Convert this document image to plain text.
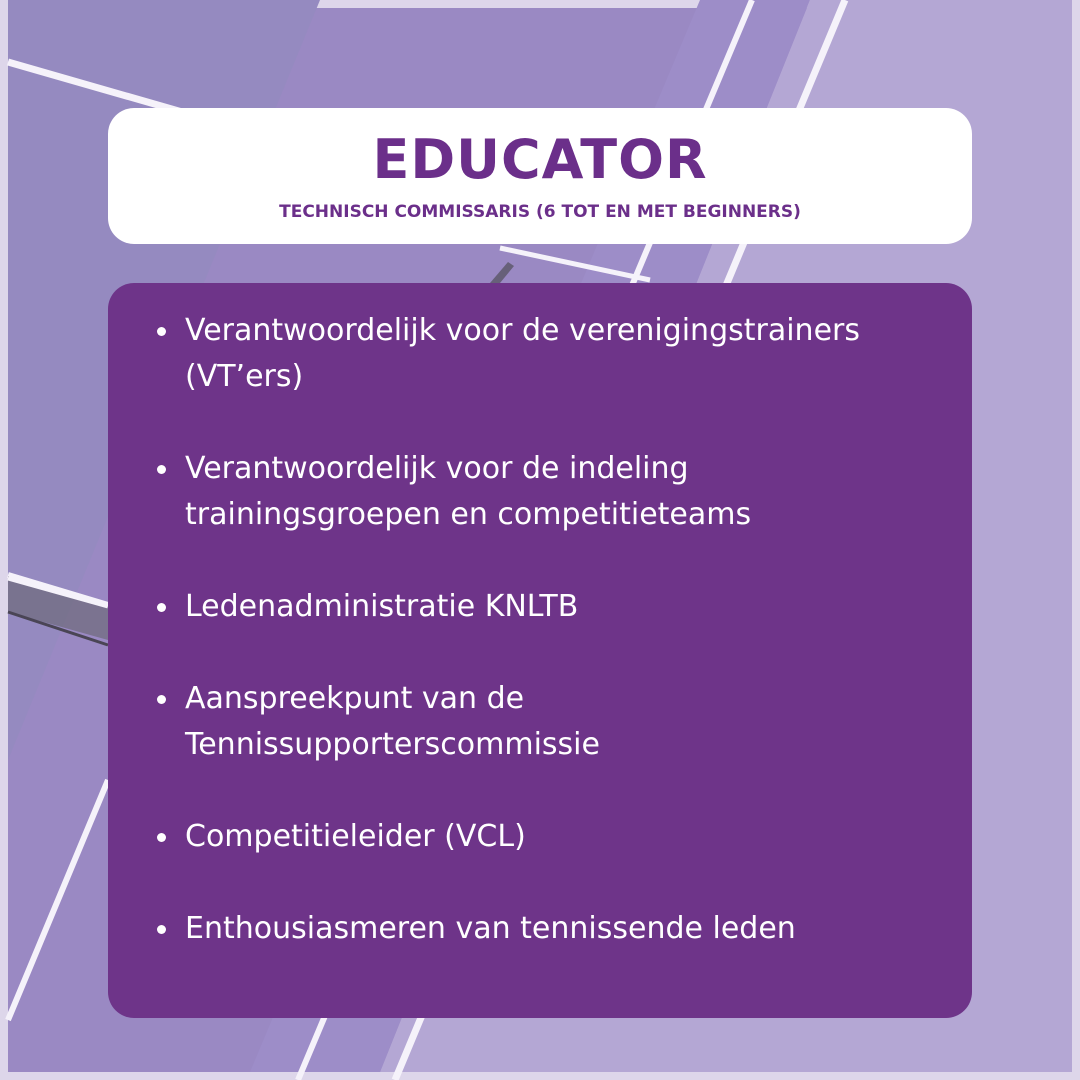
EDUCATOR

TECHNISCH COMMISSARIS (6 TOT EN MET BEGINNERS)

Verantwoordelijk voor de verenigingstrainers
(VT’ers)
Verantwoordelijk voor de indeling
trainingsgroepen en competitieteams
Ledenadministratie KNLTB
Aanspreekpunt van de
Tennissupporterscommissie
Competitieleider (VCL)
Enthousiasmeren van tennissende leden
